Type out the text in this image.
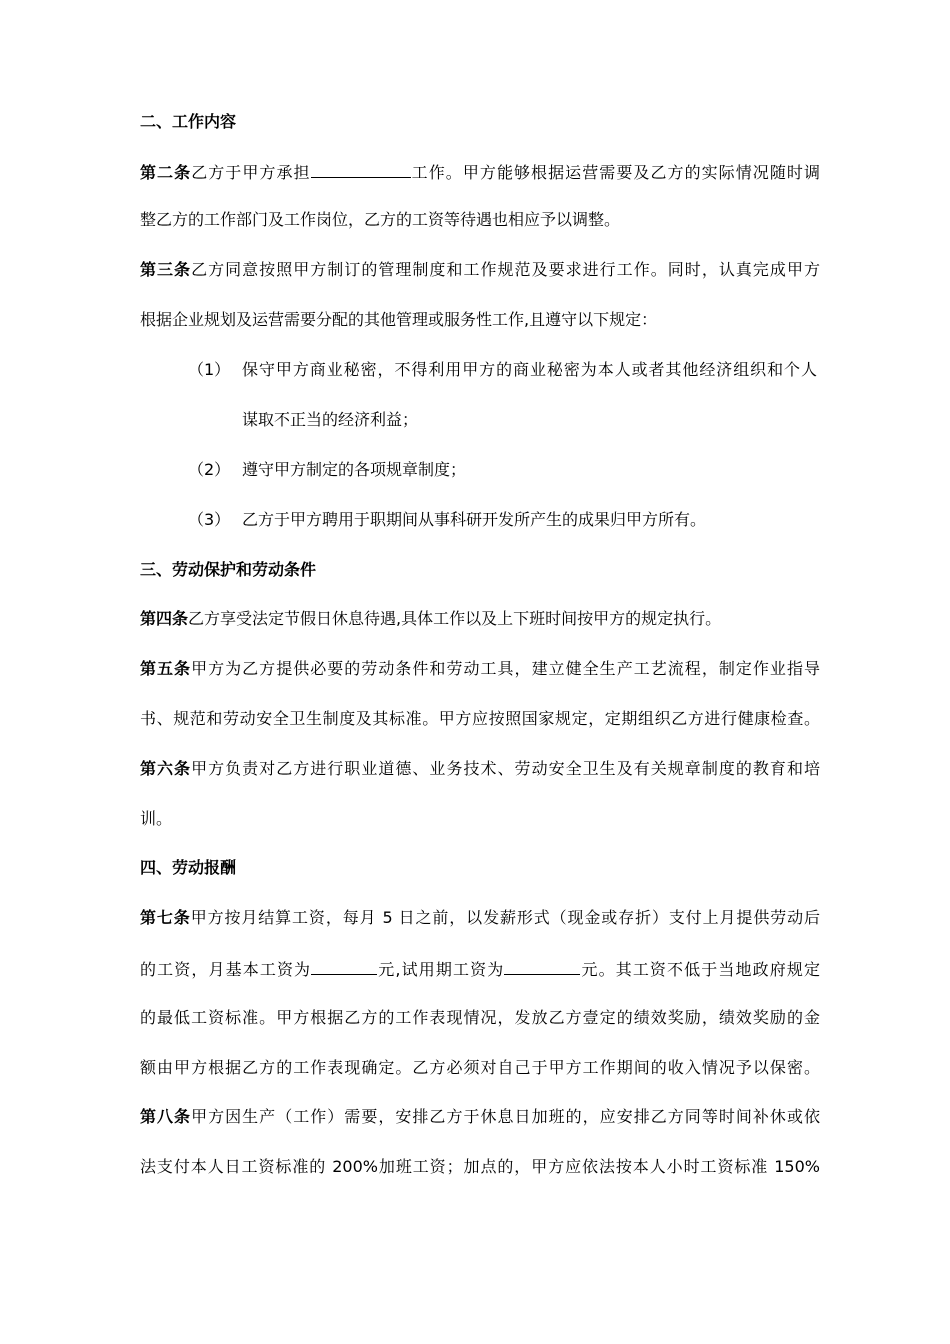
二、工作内容
第二条乙方于甲方承担	工作。甲方能够根据运营需要及乙方的实际情况随时调
整乙方的工作部门及工作岗位，乙方的工资等待遇也相应予以调整。
第三条乙方同意按照甲方制订的管理制度和工作规范及要求进行工作。同时，认真完成甲方
根据企业规划及运营需要分配的其他管理或服务性工作,且遵守以下规定：
（1） 保守甲方商业秘密，不得利用甲方的商业秘密为本人或者其他经济组织和个人
谋取不正当的经济利益；
（2） 遵守甲方制定的各项规章制度；
（3） 乙方于甲方聘用于职期间从事科研开发所产生的成果归甲方所有。
三、劳动保护和劳动条件
第四条乙方享受法定节假日休息待遇,具体工作以及上下班时间按甲方的规定执行。
第五条甲方为乙方提供必要的劳动条件和劳动工具，建立健全生产工艺流程，制定作业指导
书、规范和劳动安全卫生制度及其标准。甲方应按照国家规定，定期组织乙方进行健康检查。
第六条甲方负责对乙方进行职业道德、业务技术、劳动安全卫生及有关规章制度的教育和培
训。
四、劳动报酬
第七条甲方按月结算工资，每月 5 日之前，以发薪形式（现金或存折）支付上月提供劳动后
的工资，月基本工资为	元,试用期工资为	元。其工资不低于当地政府规定
的最低工资标准。甲方根据乙方的工作表现情况，发放乙方壹定的绩效奖励，绩效奖励的金
额由甲方根据乙方的工作表现确定。乙方必须对自己于甲方工作期间的收入情况予以保密。
第八条甲方因生产（工作）需要，安排乙方于休息日加班的，应安排乙方同等时间补休或依
法支付本人日工资标准的 200%加班工资；加点的，甲方应依法按本人小时工资标准 150%
